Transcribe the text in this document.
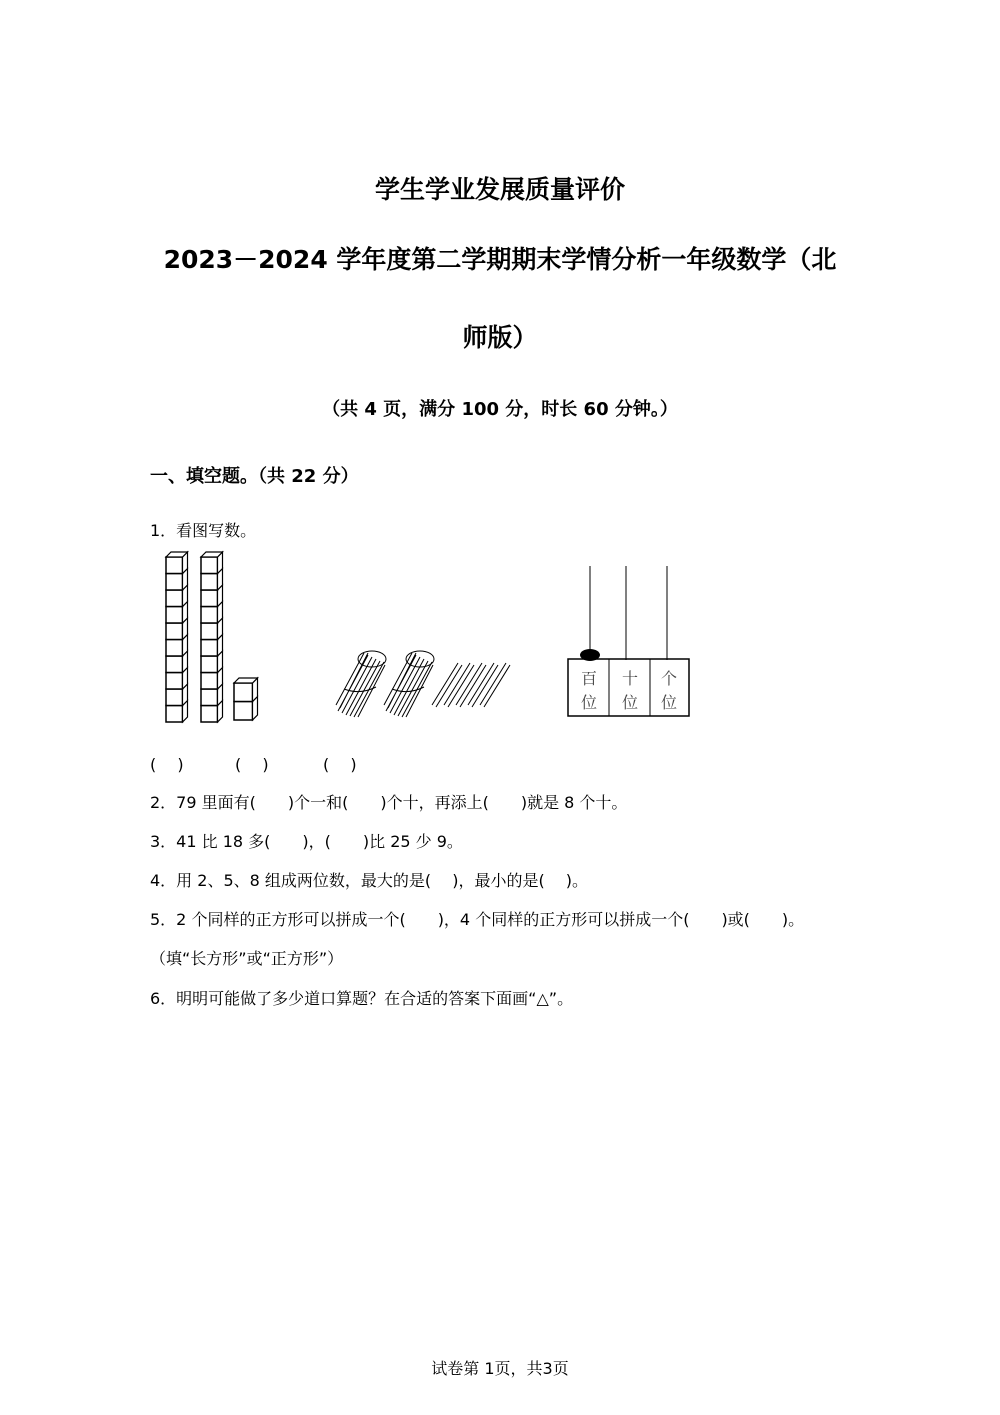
学生学业发展质量评价
2023－2024 学年度第二学期期末学情分析一年级数学（北
师版）
（共 4 页，满分 100 分，时长 60 分钟。）
一、填空题。（共 22 分）
1．看图写数。
百
位
十
位
个
位
(　 )	(　 )	(　 )
2．79 里面有(　　)个一和(　　)个十，再添上(　　)就是 8 个十。
3．41 比 18 多(　　)，(　　)比 25 少 9。
4．用 2、5、8 组成两位数，最大的是(　 )，最小的是(　 )。
5．2 个同样的正方形可以拼成一个(　　)，4 个同样的正方形可以拼成一个(　　)或(　　)。
（填“长方形”或“正方形”）
6．明明可能做了多少道口算题？在合适的答案下面画“△”。
试卷第 1页，共3页
